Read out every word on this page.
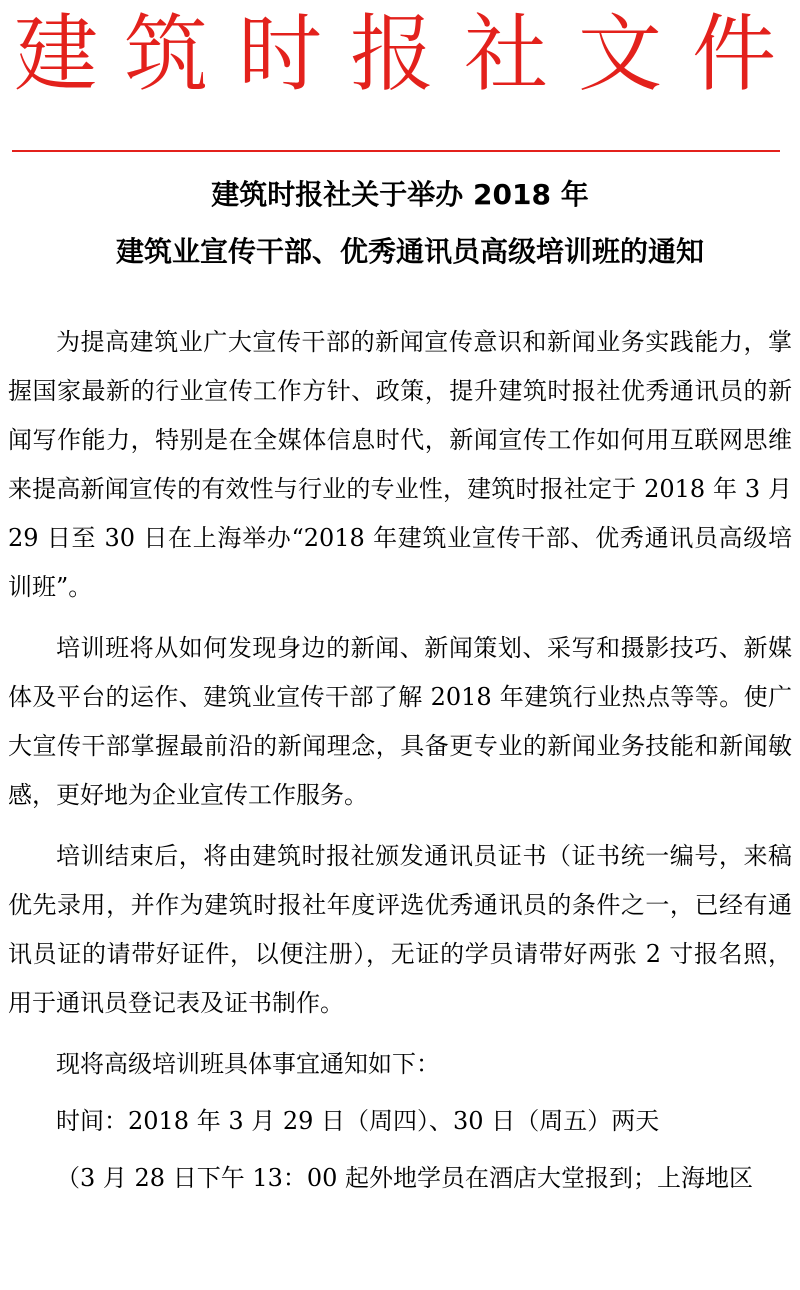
建 筑 时 报 社 文 件
建筑时报社关于举办 2018 年
建筑业宣传干部、优秀通讯员高级培训班的通知

为提高建筑业广大宣传干部的新闻宣传意识和新闻业务实践能力，掌握国家最新的行业宣传工作方针、政策，提升建筑时报社优秀通讯员的新闻写作能力，特别是在全媒体信息时代，新闻宣传工作如何用互联网思维来提高新闻宣传的有效性与行业的专业性，建筑时报社定于 2018 年 3 月 29 日至 30 日在上海举办“2018 年建筑业宣传干部、优秀通讯员高级培训班”。

培训班将从如何发现身边的新闻、新闻策划、采写和摄影技巧、新媒体及平台的运作、建筑业宣传干部了解 2018 年建筑行业热点等等。使广大宣传干部掌握最前沿的新闻理念，具备更专业的新闻业务技能和新闻敏感，更好地为企业宣传工作服务。

培训结束后，将由建筑时报社颁发通讯员证书（证书统一编号，来稿优先录用，并作为建筑时报社年度评选优秀通讯员的条件之一，已经有通讯员证的请带好证件，以便注册），无证的学员请带好两张 2 寸报名照，用于通讯员登记表及证书制作。

现将高级培训班具体事宜通知如下：

时间：2018 年 3 月 29 日（周四）、30 日（周五）两天

（3 月 28 日下午 13：00 起外地学员在酒店大堂报到；上海地区
